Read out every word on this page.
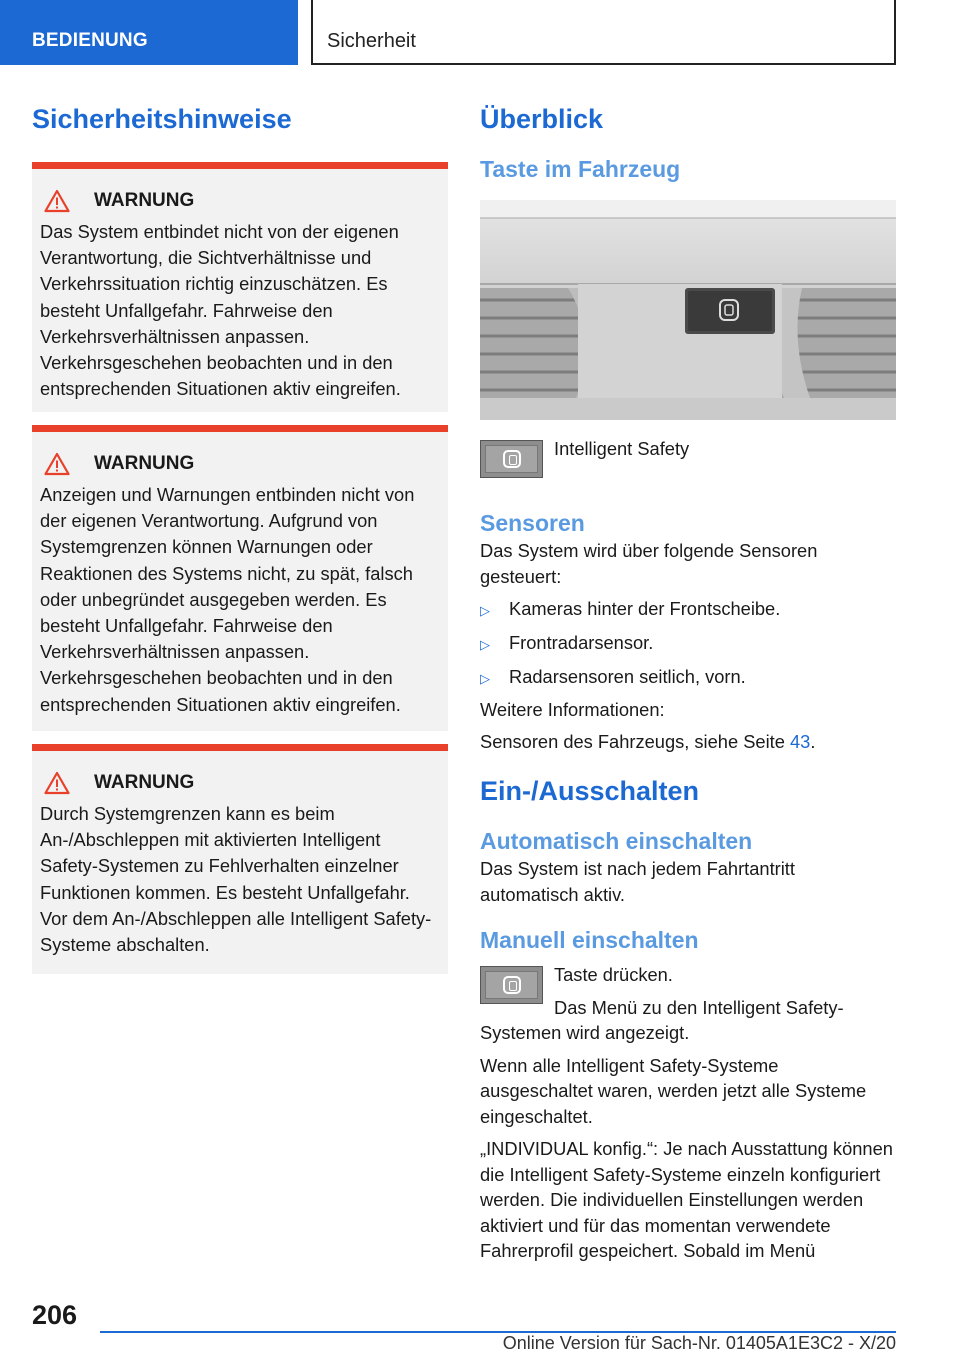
BEDIENUNG	Sicherheit
Sicherheitshinweise
WARNUNG
Das System entbindet nicht von der eigenen Verantwortung, die Sichtverhältnisse und Verkehrssituation richtig einzuschätzen. Es besteht Unfallgefahr. Fahrweise den Verkehrsverhältnissen anpassen. Verkehrsgeschehen beobachten und in den entsprechenden Situationen aktiv eingreifen.
WARNUNG
Anzeigen und Warnungen entbinden nicht von der eigenen Verantwortung. Aufgrund von Systemgrenzen können Warnungen oder Reaktionen des Systems nicht, zu spät, falsch oder unbegründet ausgegeben werden. Es besteht Unfallgefahr. Fahrweise den Verkehrsverhältnissen anpassen. Verkehrsgeschehen beobachten und in den entsprechenden Situationen aktiv eingreifen.
WARNUNG
Durch Systemgrenzen kann es beim An-/Abschleppen mit aktivierten Intelligent Safety-Systemen zu Fehlverhalten einzelner Funktionen kommen. Es besteht Unfallgefahr. Vor dem An-/Abschleppen alle Intelligent Safety-Systeme abschalten.
Überblick
Taste im Fahrzeug
Intelligent Safety
Sensoren
Das System wird über folgende Sensoren gesteuert:
▷	Kameras hinter der Frontscheibe.
▷	Frontradarsensor.
▷	Radarsensoren seitlich, vorn.
Weitere Informationen:
Sensoren des Fahrzeugs, siehe Seite 43.
Ein-/Ausschalten
Automatisch einschalten
Das System ist nach jedem Fahrtantritt automatisch aktiv.
Manuell einschalten
Taste drücken.
Das Menü zu den Intelligent Safety-Systemen wird angezeigt.
Wenn alle Intelligent Safety-Systeme ausgeschaltet waren, werden jetzt alle Systeme eingeschaltet.
„INDIVIDUAL konfig.“: Je nach Ausstattung können die Intelligent Safety-Systeme einzeln konfiguriert werden. Die individuellen Einstellungen werden aktiviert und für das momentan verwendete Fahrerprofil gespeichert. Sobald im Menü
206
Online Version für Sach-Nr. 01405A1E3C2 - X/20
